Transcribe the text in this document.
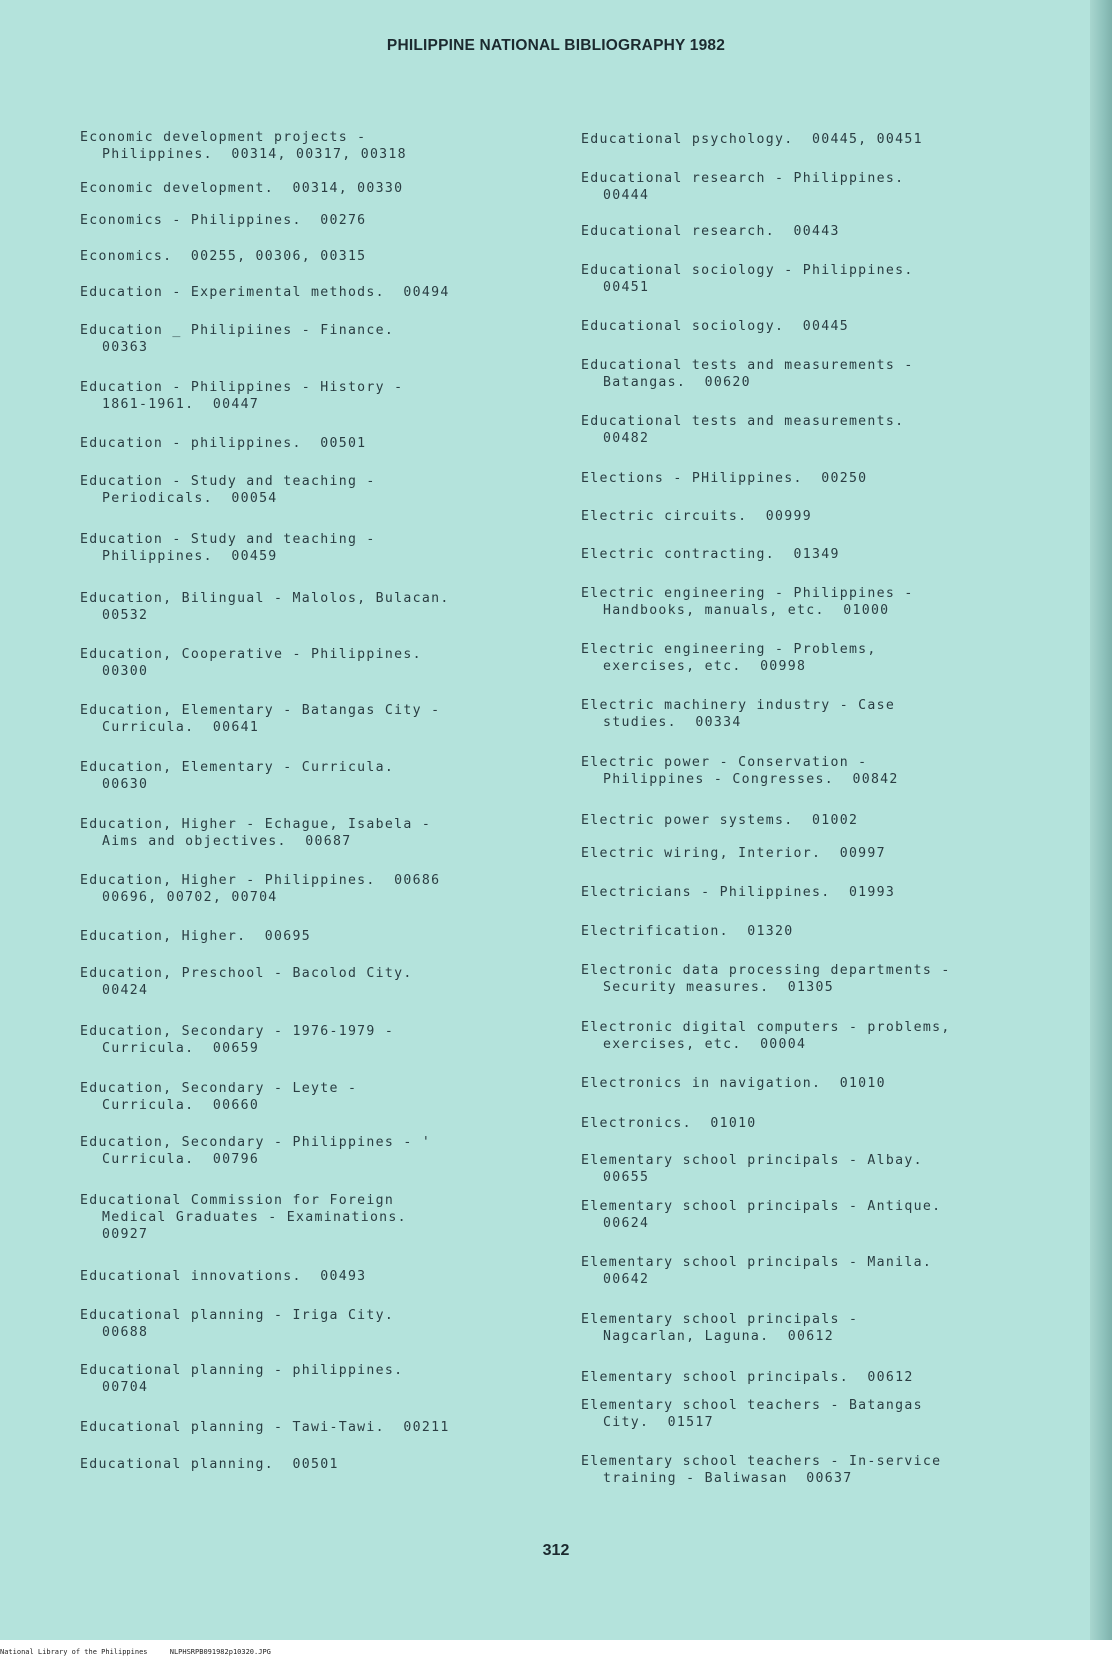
PHILIPPINE NATIONAL BIBLIOGRAPHY 1982
Economic development projects -
Philippines.  00314, 00317, 00318
Economic development.  00314, 00330
Economics - Philippines.  00276
Economics.  00255, 00306, 00315
Education - Experimental methods.  00494
Education _ Philipiines - Finance.
00363
Education - Philippines - History -
1861-1961.  00447
Education - philippines.  00501
Education - Study and teaching -
Periodicals.  00054
Education - Study and teaching -
Philippines.  00459
Education, Bilingual - Malolos, Bulacan.
00532
Education, Cooperative - Philippines.
00300
Education, Elementary - Batangas City -
Curricula.  00641
Education, Elementary - Curricula.
00630
Education, Higher - Echague, Isabela -
Aims and objectives.  00687
Education, Higher - Philippines.  00686
00696, 00702, 00704
Education, Higher.  00695
Education, Preschool - Bacolod City.
00424
Education, Secondary - 1976-1979 -
Curricula.  00659
Education, Secondary - Leyte -
Curricula.  00660
Education, Secondary - Philippines - '
Curricula.  00796
Educational Commission for Foreign
Medical Graduates - Examinations.
00927
Educational innovations.  00493
Educational planning - Iriga City.
00688
Educational planning - philippines.
00704
Educational planning - Tawi-Tawi.  00211
Educational planning.  00501
Educational psychology.  00445, 00451
Educational research - Philippines.
00444
Educational research.  00443
Educational sociology - Philippines.
00451
Educational sociology.  00445
Educational tests and measurements -
Batangas.  00620
Educational tests and measurements.
00482
Elections - PHilippines.  00250
Electric circuits.  00999
Electric contracting.  01349
Electric engineering - Philippines -
Handbooks, manuals, etc.  01000
Electric engineering - Problems,
exercises, etc.  00998
Electric machinery industry - Case
studies.  00334
Electric power - Conservation -
Philippines - Congresses.  00842
Electric power systems.  01002
Electric wiring, Interior.  00997
Electricians - Philippines.  01993
Electrification.  01320
Electronic data processing departments -
Security measures.  01305
Electronic digital computers - problems,
exercises, etc.  00004
Electronics in navigation.  01010
Electronics.  01010
Elementary school principals - Albay.
00655
Elementary school principals - Antique.
00624
Elementary school principals - Manila.
00642
Elementary school principals -
Nagcarlan, Laguna.  00612
Elementary school principals.  00612
Elementary school teachers - Batangas
City.  01517
Elementary school teachers - In-service
training - Baliwasan  00637
312
National Library of the Philippines	NLPHSRPB091982p10320.JPG
